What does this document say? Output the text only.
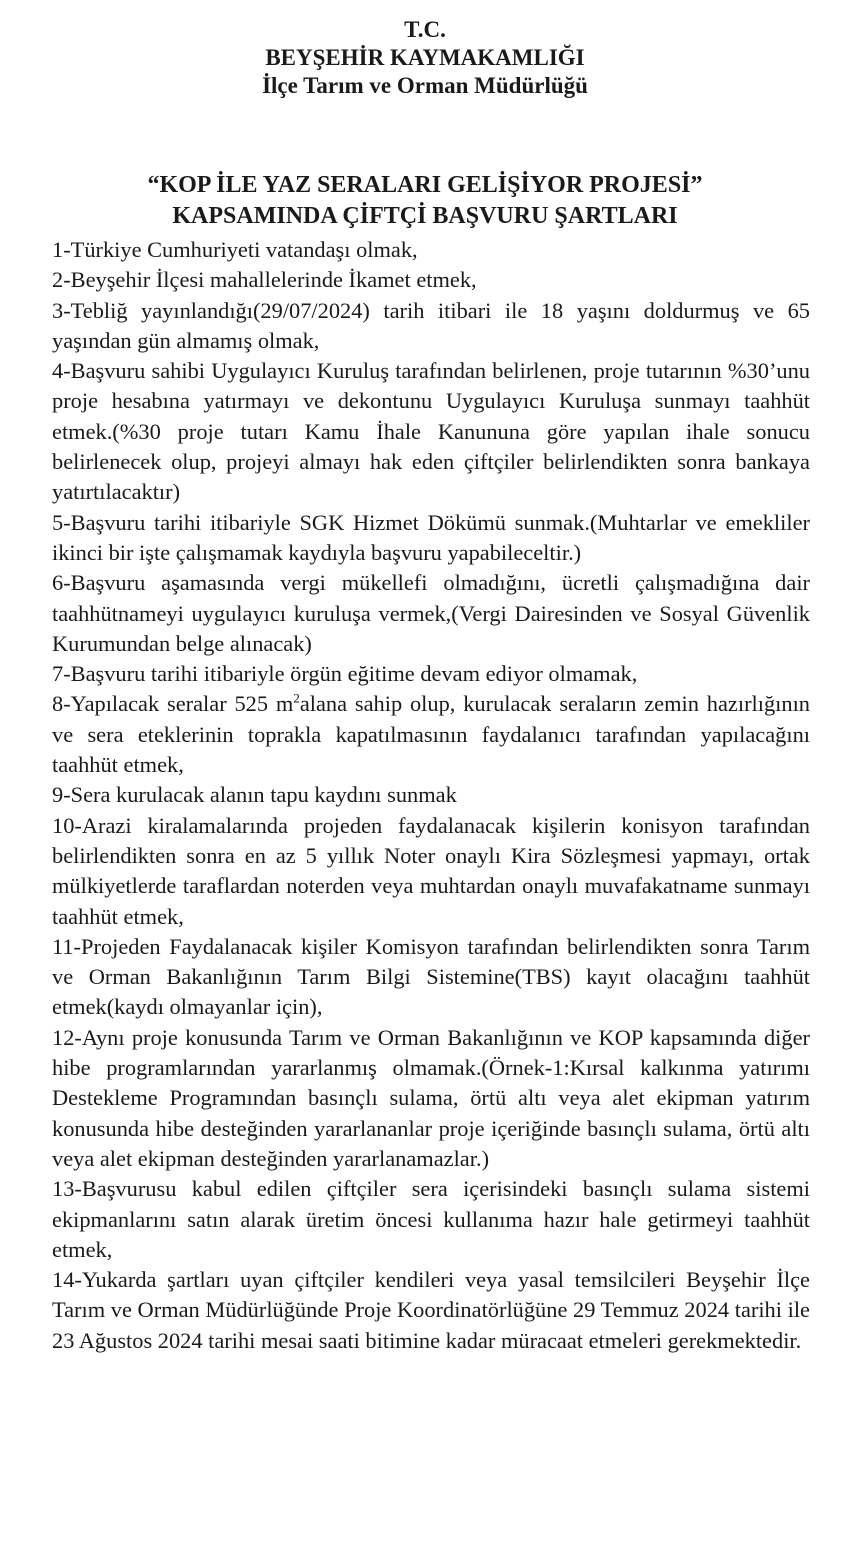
T.C.
BEYŞEHİR KAYMAKAMLIĞI
İlçe Tarım ve Orman Müdürlüğü
“KOP İLE YAZ SERALARI GELİŞİYOR PROJESİ”
KAPSAMINDA ÇİFTÇİ BAŞVURU ŞARTLARI

1-Türkiye Cumhuriyeti vatandaşı olmak,

2-Beyşehir İlçesi mahallelerinde İkamet etmek,

3-Tebliğ yayınlandığı(29/07/2024) tarih itibari ile 18 yaşını doldurmuş ve 65 yaşından gün almamış olmak,

4-Başvuru sahibi Uygulayıcı Kuruluş tarafından belirlenen, proje tutarının %30’unu proje hesabına yatırmayı ve dekontunu Uygulayıcı Kuruluşa sunmayı taahhüt etmek.(%30 proje tutarı Kamu İhale Kanununa göre yapılan ihale sonucu belirlenecek olup, projeyi almayı hak eden çiftçiler belirlendikten sonra bankaya yatırtılacaktır)

5-Başvuru tarihi itibariyle SGK Hizmet Dökümü sunmak.(Muhtarlar ve emekliler ikinci bir işte çalışmamak kaydıyla başvuru yapabileceltir.)

6-Başvuru aşamasında vergi mükellefi olmadığını, ücretli çalışmadığına dair taahhütnameyi uygulayıcı kuruluşa vermek,(Vergi Dairesinden ve Sosyal Güvenlik Kurumundan belge alınacak)

7-Başvuru tarihi itibariyle örgün eğitime devam ediyor olmamak,

8-Yapılacak seralar 525 $m^2alana$ sahip olup, kurulacak seraların zemin hazırlığının ve sera eteklerinin toprakla kapatılmasının faydalanıcı tarafından yapılacağını taahhüt etmek,

9-Sera kurulacak alanın tapu kaydını sunmak

10-Arazi kiralamalarında projeden faydalanacak kişilerin konisyon tarafından belirlendikten sonra en az 5 yıllık Noter onaylı Kira Sözleşmesi yapmayı, ortak mülkiyetlerde taraflardan noterden veya muhtardan onaylı muvafakatname sunmayı taahhüt etmek,

11-Projeden Faydalanacak kişiler Komisyon tarafından belirlendikten sonra Tarım ve Orman Bakanlığının Tarım Bilgi Sistemine(TBS) kayıt olacağını taahhüt etmek(kaydı olmayanlar için),

12-Aynı proje konusunda Tarım ve Orman Bakanlığının ve KOP kapsamında diğer hibe programlarından yararlanmış olmamak.(Örnek-1:Kırsal kalkınma yatırımı Destekleme Programından basınçlı sulama, örtü altı veya alet ekipman yatırım konusunda hibe desteğinden yararlananlar proje içeriğinde basınçlı sulama, örtü altı veya alet ekipman desteğinden yararlanamazlar.)

13-Başvurusu kabul edilen çiftçiler sera içerisindeki basınçlı sulama sistemi ekipmanlarını satın alarak üretim öncesi kullanıma hazır hale getirmeyi taahhüt etmek,

14-Yukarda şartları uyan çiftçiler kendileri veya yasal temsilcileri Beyşehir İlçe Tarım ve Orman Müdürlüğünde Proje Koordinatörlüğüne 29 Temmuz 2024 tarihi ile 23 Ağustos 2024 tarihi mesai saati bitimine kadar müracaat etmeleri gerekmektedir.
